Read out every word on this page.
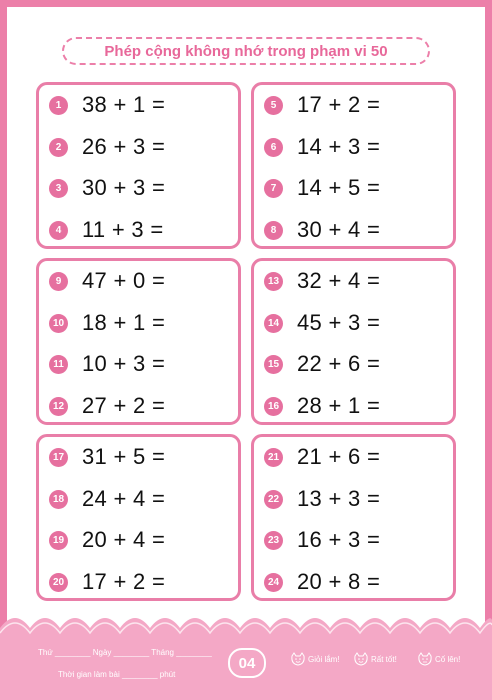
Phép cộng không nhớ trong phạm vi 50
1 38 + 1 =
2 26 + 3 =
3 30 + 3 =
4 11 + 3 =
5 17 + 2 =
6 14 + 3 =
7 14 + 5 =
8 30 + 4 =
9 47 + 0 =
10 18 + 1 =
11 10 + 3 =
12 27 + 2 =
13 32 + 4 =
14 45 + 3 =
15 22 + 6 =
16 28 + 1 =
17 31 + 5 =
18 24 + 4 =
19 20 + 4 =
20 17 + 2 =
21 21 + 6 =
22 13 + 3 =
23 16 + 3 =
24 20 + 8 =
Thứ ________ Ngày ________ Tháng ________
Thời gian làm bài ________ phút
04	Giỏi lắm!	Rất tốt!	Cố lên!
